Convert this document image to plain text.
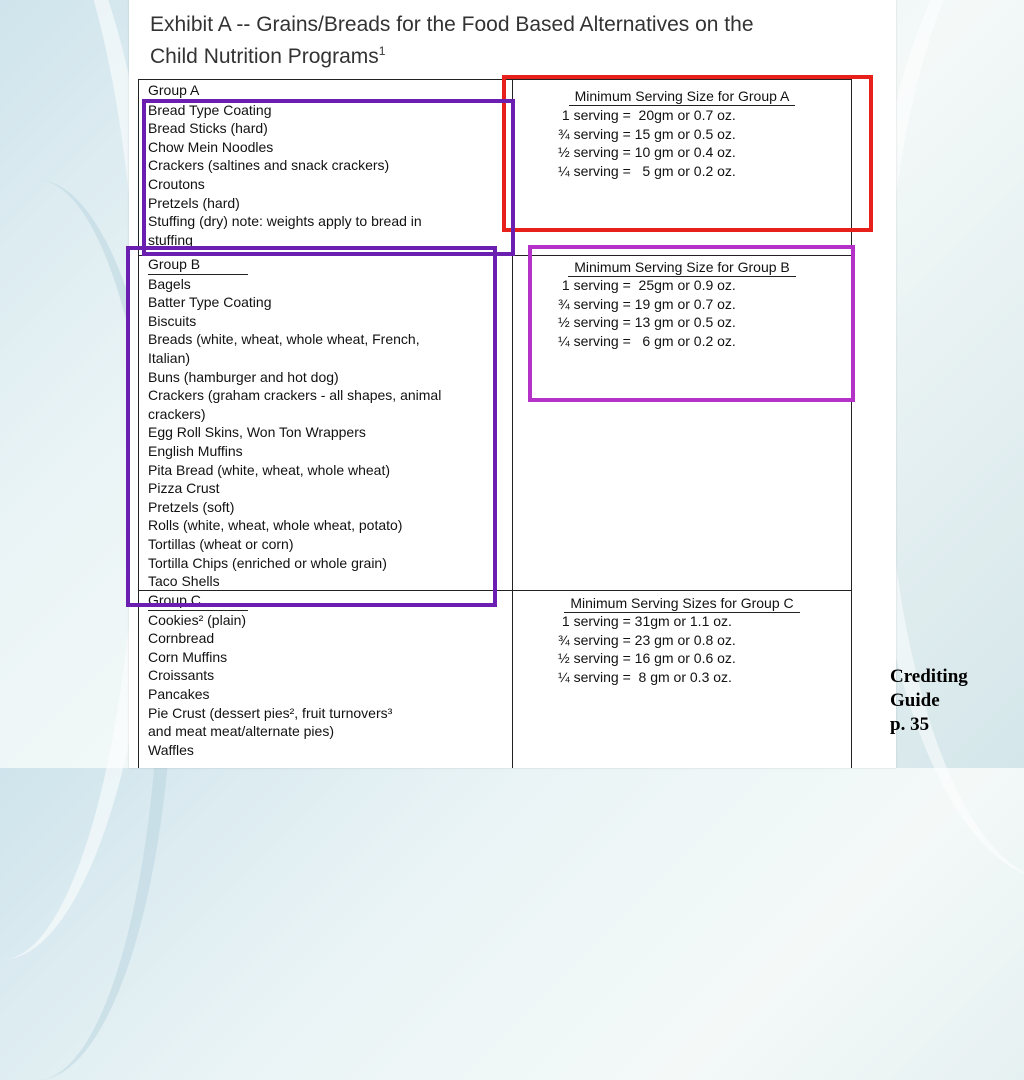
Exhibit A -- Grains/Breads for the Food Based Alternatives on the
Child Nutrition Programs$^1$
Group A
Bread Type Coating
Bread Sticks (hard)
Chow Mein Noodles
Crackers (saltines and snack crackers)
Croutons
Pretzels (hard)
Stuffing (dry) note: weights apply to bread in
stuffing
Minimum Serving Size for Group A
1 serving =  20gm or 0.7 oz.
¾ serving = 15 gm or 0.5 oz.
½ serving = 10 gm or 0.4 oz.
¼ serving =   5 gm or 0.2 oz.
Group B
Bagels
Batter Type Coating
Biscuits
Breads (white, wheat, whole wheat, French,
Italian)
Buns (hamburger and hot dog)
Crackers (graham crackers - all shapes, animal
crackers)
Egg Roll Skins, Won Ton Wrappers
English Muffins
Pita Bread (white, wheat, whole wheat)
Pizza Crust
Pretzels (soft)
Rolls (white, wheat, whole wheat, potato)
Tortillas (wheat or corn)
Tortilla Chips (enriched or whole grain)
Taco Shells
Minimum Serving Size for Group B
1 serving =  25gm or 0.9 oz.
¾ serving = 19 gm or 0.7 oz.
½ serving = 13 gm or 0.5 oz.
¼ serving =   6 gm or 0.2 oz.
Group C
Cookies² (plain)
Cornbread
Corn Muffins
Croissants
Pancakes
Pie Crust (dessert pies², fruit turnovers³
and meat meat/alternate pies)
Waffles
Minimum Serving Sizes for Group C
1 serving = 31gm or 1.1 oz.
¾ serving = 23 gm or 0.8 oz.
½ serving = 16 gm or 0.6 oz.
¼ serving =  8 gm or 0.3 oz.	Crediting
Guide
p. 35
